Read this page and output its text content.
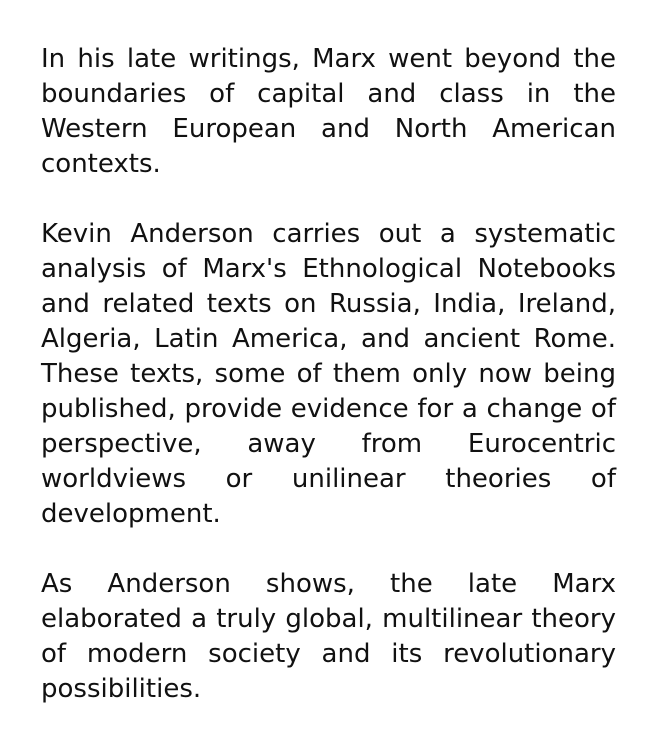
In his late writings, Marx went beyond the boundaries of capital and class in the Western European and North American contexts.

Kevin Anderson carries out a systematic analysis of Marx's Ethnological Notebooks and related texts on Russia, India, Ireland, Algeria, Latin America, and ancient Rome. These texts, some of them only now being published, provide evidence for a change of perspective, away from Eurocentric worldviews or unilinear theories of development.

As Anderson shows, the late Marx elaborated a truly global, multilinear theory of modern society and its revolutionary possibilities.
